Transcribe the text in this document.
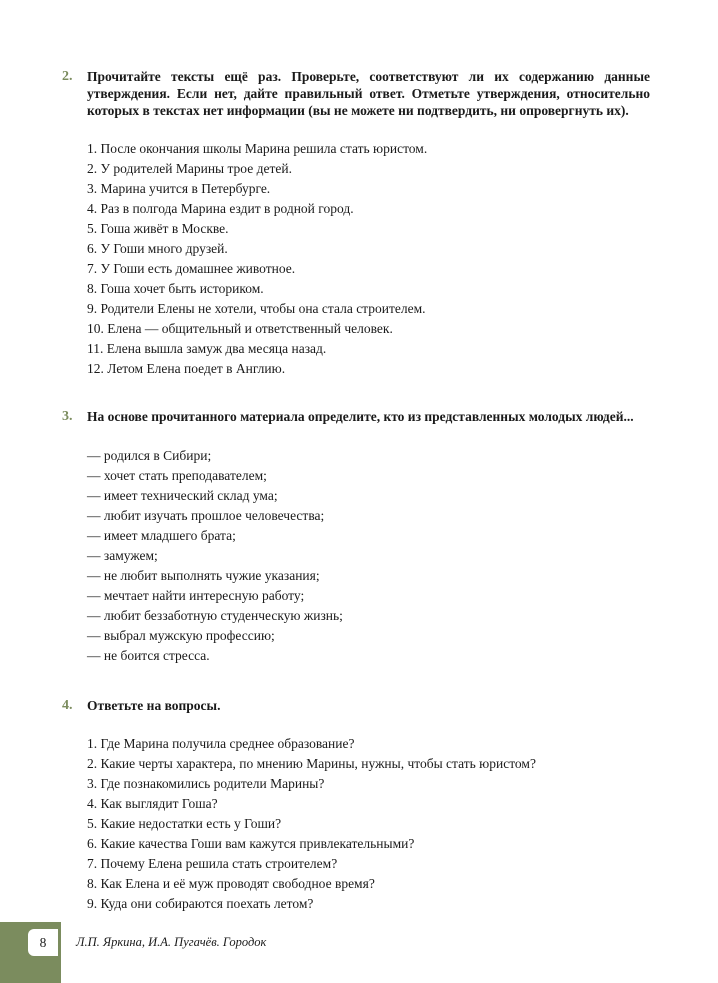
2.	Прочитайте тексты ещё раз. Проверьте, соответствуют ли их содержанию данные утверждения. Если нет, дайте правильный ответ. Отметьте утверждения, относительно которых в текстах нет информации (вы не можете ни подтвердить, ни опровергнуть их).
1. После окончания школы Марина решила стать юристом.
2. У родителей Марины трое детей.
3. Марина учится в Петербурге.
4. Раз в полгода Марина ездит в родной город.
5. Гоша живёт в Москве.
6. У Гоши много друзей.
7. У Гоши есть домашнее животное.
8. Гоша хочет быть историком.
9. Родители Елены не хотели, чтобы она стала строителем.
10. Елена — общительный и ответственный человек.
11. Елена вышла замуж два месяца назад.
12. Летом Елена поедет в Англию.
3.	На основе прочитанного материала определите, кто из представленных молодых людей...
— родился в Сибири;
— хочет стать преподавателем;
— имеет технический склад ума;
— любит изучать прошлое человечества;
— имеет младшего брата;
— замужем;
— не любит выполнять чужие указания;
— мечтает найти интересную работу;
— любит беззаботную студенческую жизнь;
— выбрал мужскую профессию;
— не боится стресса.
4.	Ответьте на вопросы.
1. Где Марина получила среднее образование?
2. Какие черты характера, по мнению Марины, нужны, чтобы стать юристом?
3. Где познакомились родители Марины?
4. Как выглядит Гоша?
5. Какие недостатки есть у Гоши?
6. Какие качества Гоши вам кажутся привлекательными?
7. Почему Елена решила стать строителем?
8. Как Елена и её муж проводят свободное время?
9. Куда они собираются поехать летом?
8	Л.П. Яркина, И.А. Пугачёв. Городок
